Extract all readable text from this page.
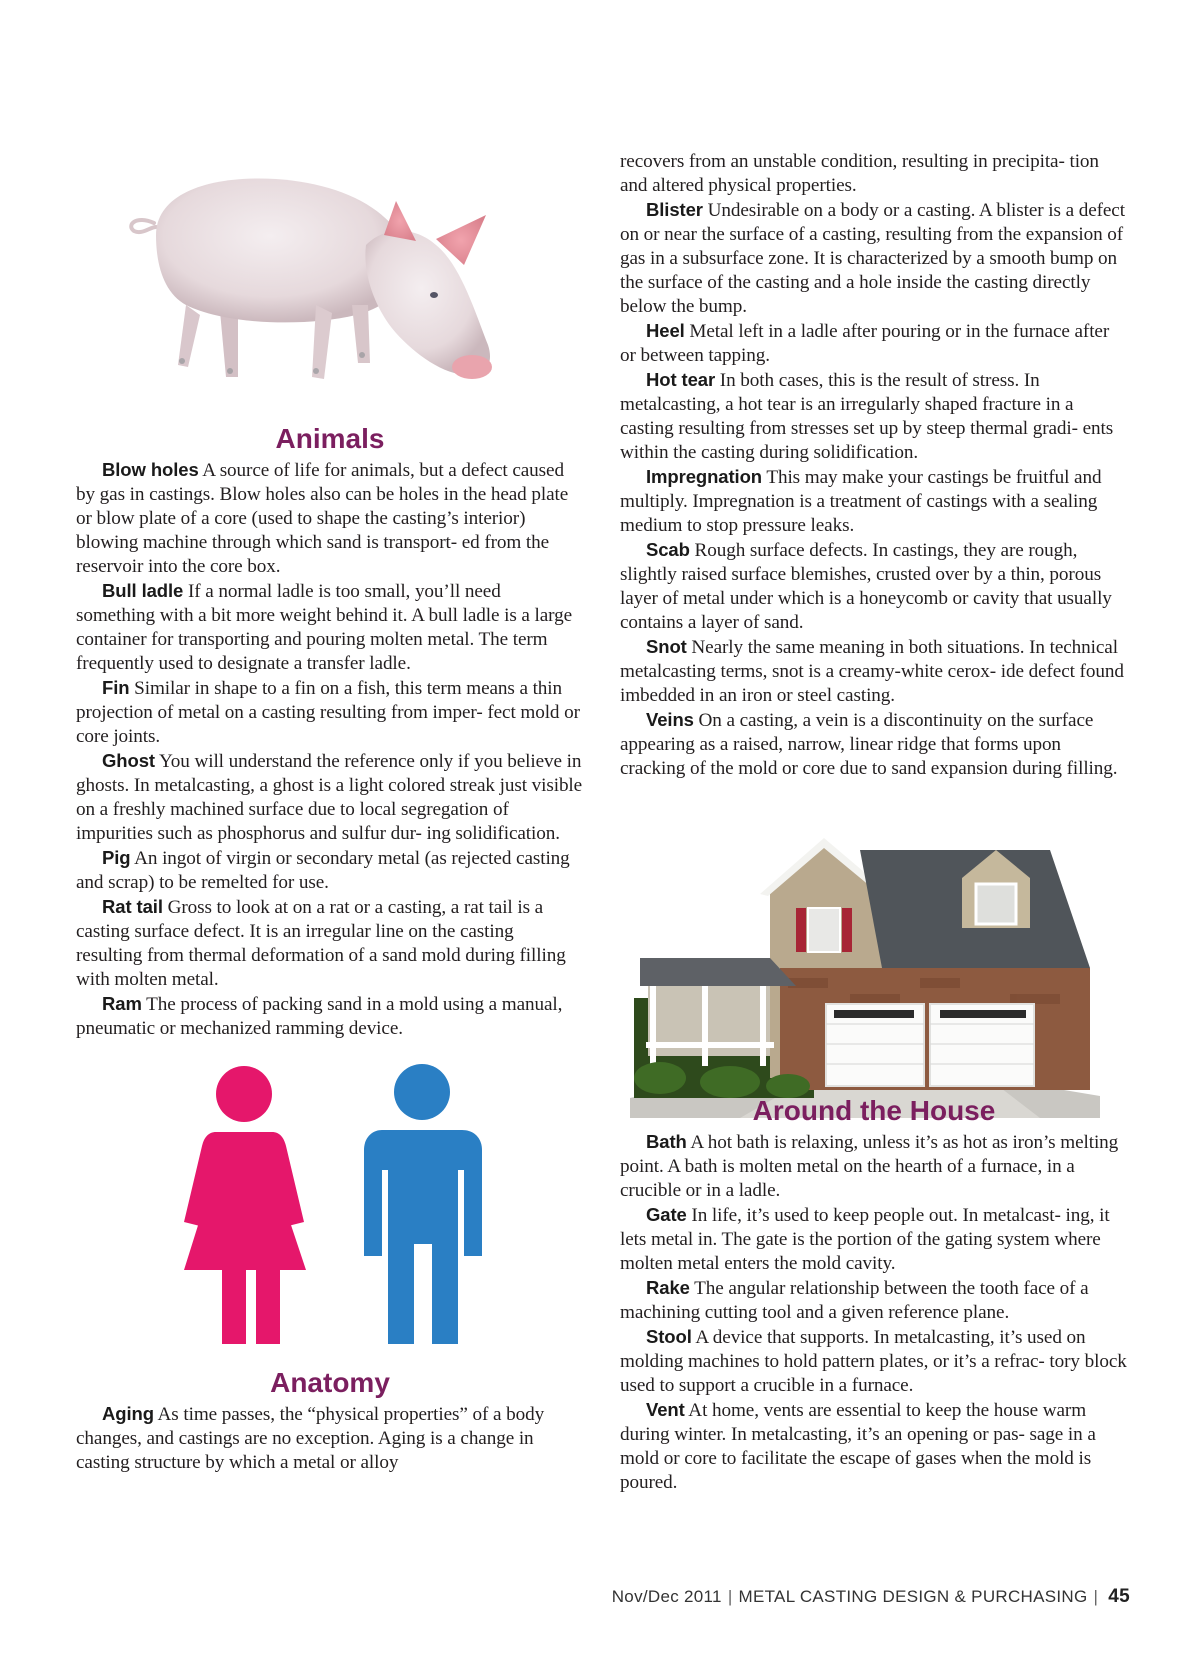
Animals

Blow holes A source of life for animals, but a defect caused by gas in castings. Blow holes also can be holes in the head plate or blow plate of a core (used to shape the casting’s interior) blowing machine through which sand is transport- ed from the reservoir into the core box.

Bull ladle If a normal ladle is too small, you’ll need something with a bit more weight behind it. A bull ladle is a large container for transporting and pouring molten metal. The term frequently used to designate a transfer ladle.

Fin Similar in shape to a fin on a fish, this term means a thin projection of metal on a casting resulting from imper- fect mold or core joints.

Ghost You will understand the reference only if you believe in ghosts. In metalcasting, a ghost is a light colored streak just visible on a freshly machined surface due to local segregation of impurities such as phosphorus and sulfur dur- ing solidification.

Pig An ingot of virgin or secondary metal (as rejected casting and scrap) to be remelted for use.

Rat tail Gross to look at on a rat or a casting, a rat tail is a casting surface defect. It is an irregular line on the casting resulting from thermal deformation of a sand mold during filling with molten metal.

Ram The process of packing sand in a mold using a manual, pneumatic or mechanized ramming device.

Anatomy

Aging As time passes, the “physical properties” of a body changes, and castings are no exception. Aging is a change in casting structure by which a metal or alloy

recovers from an unstable condition, resulting in precipita- tion and altered physical properties.

Blister Undesirable on a body or a casting. A blister is a defect on or near the surface of a casting, resulting from the expansion of gas in a subsurface zone. It is characterized by a smooth bump on the surface of the casting and a hole inside the casting directly below the bump.

Heel Metal left in a ladle after pouring or in the furnace after or between tapping.

Hot tear In both cases, this is the result of stress. In metalcasting, a hot tear is an irregularly shaped fracture in a casting resulting from stresses set up by steep thermal gradi- ents within the casting during solidification.

Impregnation This may make your castings be fruitful and multiply. Impregnation is a treatment of castings with a sealing medium to stop pressure leaks.

Scab Rough surface defects. In castings, they are rough, slightly raised surface blemishes, crusted over by a thin, porous layer of metal under which is a honeycomb or cavity that usually contains a layer of sand.

Snot Nearly the same meaning in both situations. In technical metalcasting terms, snot is a creamy-white cerox- ide defect found imbedded in an iron or steel casting.

Veins On a casting, a vein is a discontinuity on the surface appearing as a raised, narrow, linear ridge that forms upon cracking of the mold or core due to sand expansion during filling.

Around the House

Bath A hot bath is relaxing, unless it’s as hot as iron’s melting point. A bath is molten metal on the hearth of a furnace, in a crucible or in a ladle.

Gate In life, it’s used to keep people out. In metalcast- ing, it lets metal in. The gate is the portion of the gating system where molten metal enters the mold cavity.

Rake The angular relationship between the tooth face of a machining cutting tool and a given reference plane.

Stool A device that supports. In metalcasting, it’s used on molding machines to hold pattern plates, or it’s a refrac- tory block used to support a crucible in a furnace.

Vent At home, vents are essential to keep the house warm during winter. In metalcasting, it’s an opening or pas- sage in a mold or core to facilitate the escape of gases when the mold is poured.

Nov/Dec 2011 | METAL CASTING DESIGN & PURCHASING | 45
